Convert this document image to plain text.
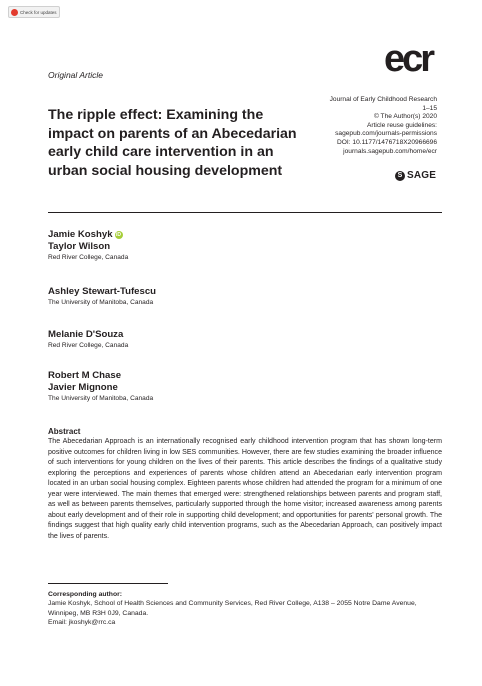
Check for updates
Original Article	ecr
Journal of Early Childhood Research
1–15
© The Author(s) 2020
Article reuse guidelines:
sagepub.com/journals-permissions
DOI: 10.1177/1476718X20966696
journals.sagepub.com/home/ecr
S SAGE
The ripple effect: Examining the impact on parents of an Abecedarian early child care intervention in an urban social housing development
Jamie Koshyk iD
Taylor Wilson
Red River College, Canada
Ashley Stewart-Tufescu
The University of Manitoba, Canada
Melanie D'Souza
Red River College, Canada
Robert M Chase
Javier Mignone
The University of Manitoba, Canada
Abstract
The Abecedarian Approach is an internationally recognised early childhood intervention program that has shown long-term positive outcomes for children living in low SES communities. However, there are few studies examining the broader influence of such interventions for young children on the lives of their parents. This article describes the findings of a qualitative study exploring the perceptions and experiences of parents whose children attend an Abecedarian early intervention program located in an urban social housing complex. Eighteen parents whose children had attended the program for a minimum of one year were interviewed. The main themes that emerged were: strengthened relationships between parents and program staff, as well as between parents themselves, particularly supported through the home visitor; increased awareness among parents about early development and of their role in supporting child development; and opportunities for parents' personal growth. The findings suggest that high quality early child intervention programs, such as the Abecedarian Approach, can positively impact the lives of parents.
Corresponding author:
Jamie Koshyk, School of Health Sciences and Community Services, Red River College, A138 – 2055 Notre Dame Avenue, Winnipeg, MB R3H 0J9, Canada.
Email: jkoshyk@rrc.ca
